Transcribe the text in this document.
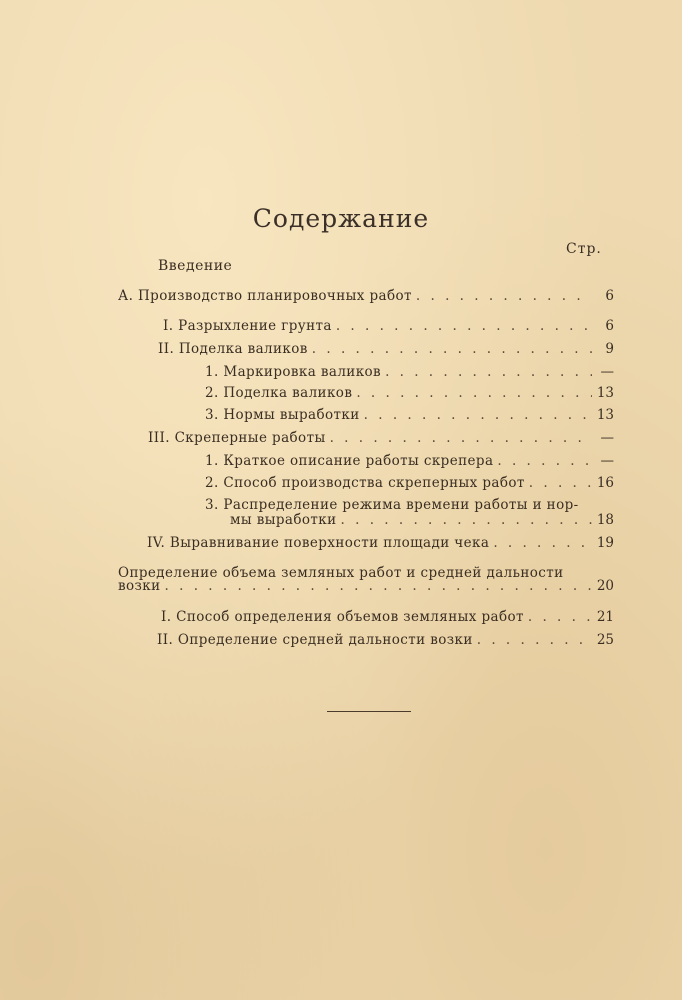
Содержание
Стр.
Введение
А. Производство планировочных работ . . .	6
I. Разрыхление грунта . . .	6
II. Поделка валиков . . .	9
1. Маркировка валиков . . .	—
2. Поделка валиков . . .	13
3. Нормы выработки . . .	13
III. Скреперные работы . . .	—
1. Краткое описание работы скрепера . . .	—
2. Способ производства скреперных работ . . .	16
3. Распределение режима времени работы и нор-
мы выработки . . .	18
IV. Выравнивание поверхности площади чека . . .	19
Определение объема земляных работ и средней дальности
возки . . .	20
I. Способ определения объемов земляных работ . . .	21
II. Определение средней дальности возки . . .	25
